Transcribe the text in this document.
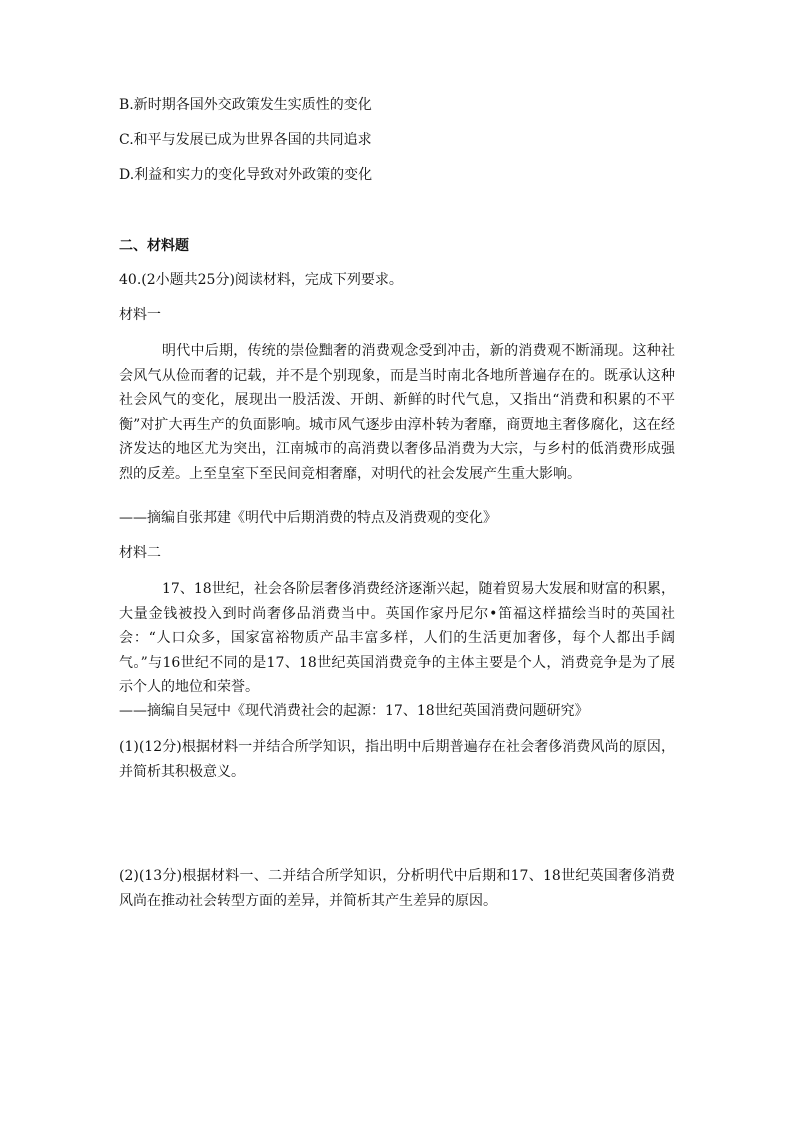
B.新时期各国外交政策发生实质性的变化
C.和平与发展已成为世界各国的共同追求
D.利益和实力的变化导致对外政策的变化
二、材料题
40.(2小题共25分)阅读材料，完成下列要求。
材料一

明代中后期，传统的崇俭黜奢的消费观念受到冲击，新的消费观不断涌现。这种社会风气从俭而奢的记载，并不是个别现象，而是当时南北各地所普遍存在的。既承认这种社会风气的变化，展现出一股活泼、开朗、新鲜的时代气息，又指出“消费和积累的不平衡”对扩大再生产的负面影响。城市风气逐步由淳朴转为奢靡，商贾地主奢侈腐化，这在经济发达的地区尤为突出，江南城市的高消费以奢侈品消费为大宗，与乡村的低消费形成强烈的反差。上至皇室下至民间竞相奢靡，对明代的社会发展产生重大影响。

——摘编自张邦建《明代中后期消费的特点及消费观的变化》
材料二

17、18世纪，社会各阶层奢侈消费经济逐渐兴起，随着贸易大发展和财富的积累，大量金钱被投入到时尚奢侈品消费当中。英国作家丹尼尔•笛福这样描绘当时的英国社会：“人口众多，国家富裕物质产品丰富多样，人们的生活更加奢侈，每个人都出手阔气。”与16世纪不同的是17、18世纪英国消费竞争的主体主要是个人，消费竞争是为了展示个人的地位和荣誉。

——摘编自吴冠中《现代消费社会的起源：17、18世纪英国消费问题研究》

(1)(12分)根据材料一并结合所学知识，指出明中后期普遍存在社会奢侈消费风尚的原因，并简析其积极意义。

(2)(13分)根据材料一、二并结合所学知识，分析明代中后期和17、18世纪英国奢侈消费风尚在推动社会转型方面的差异，并简析其产生差异的原因。
